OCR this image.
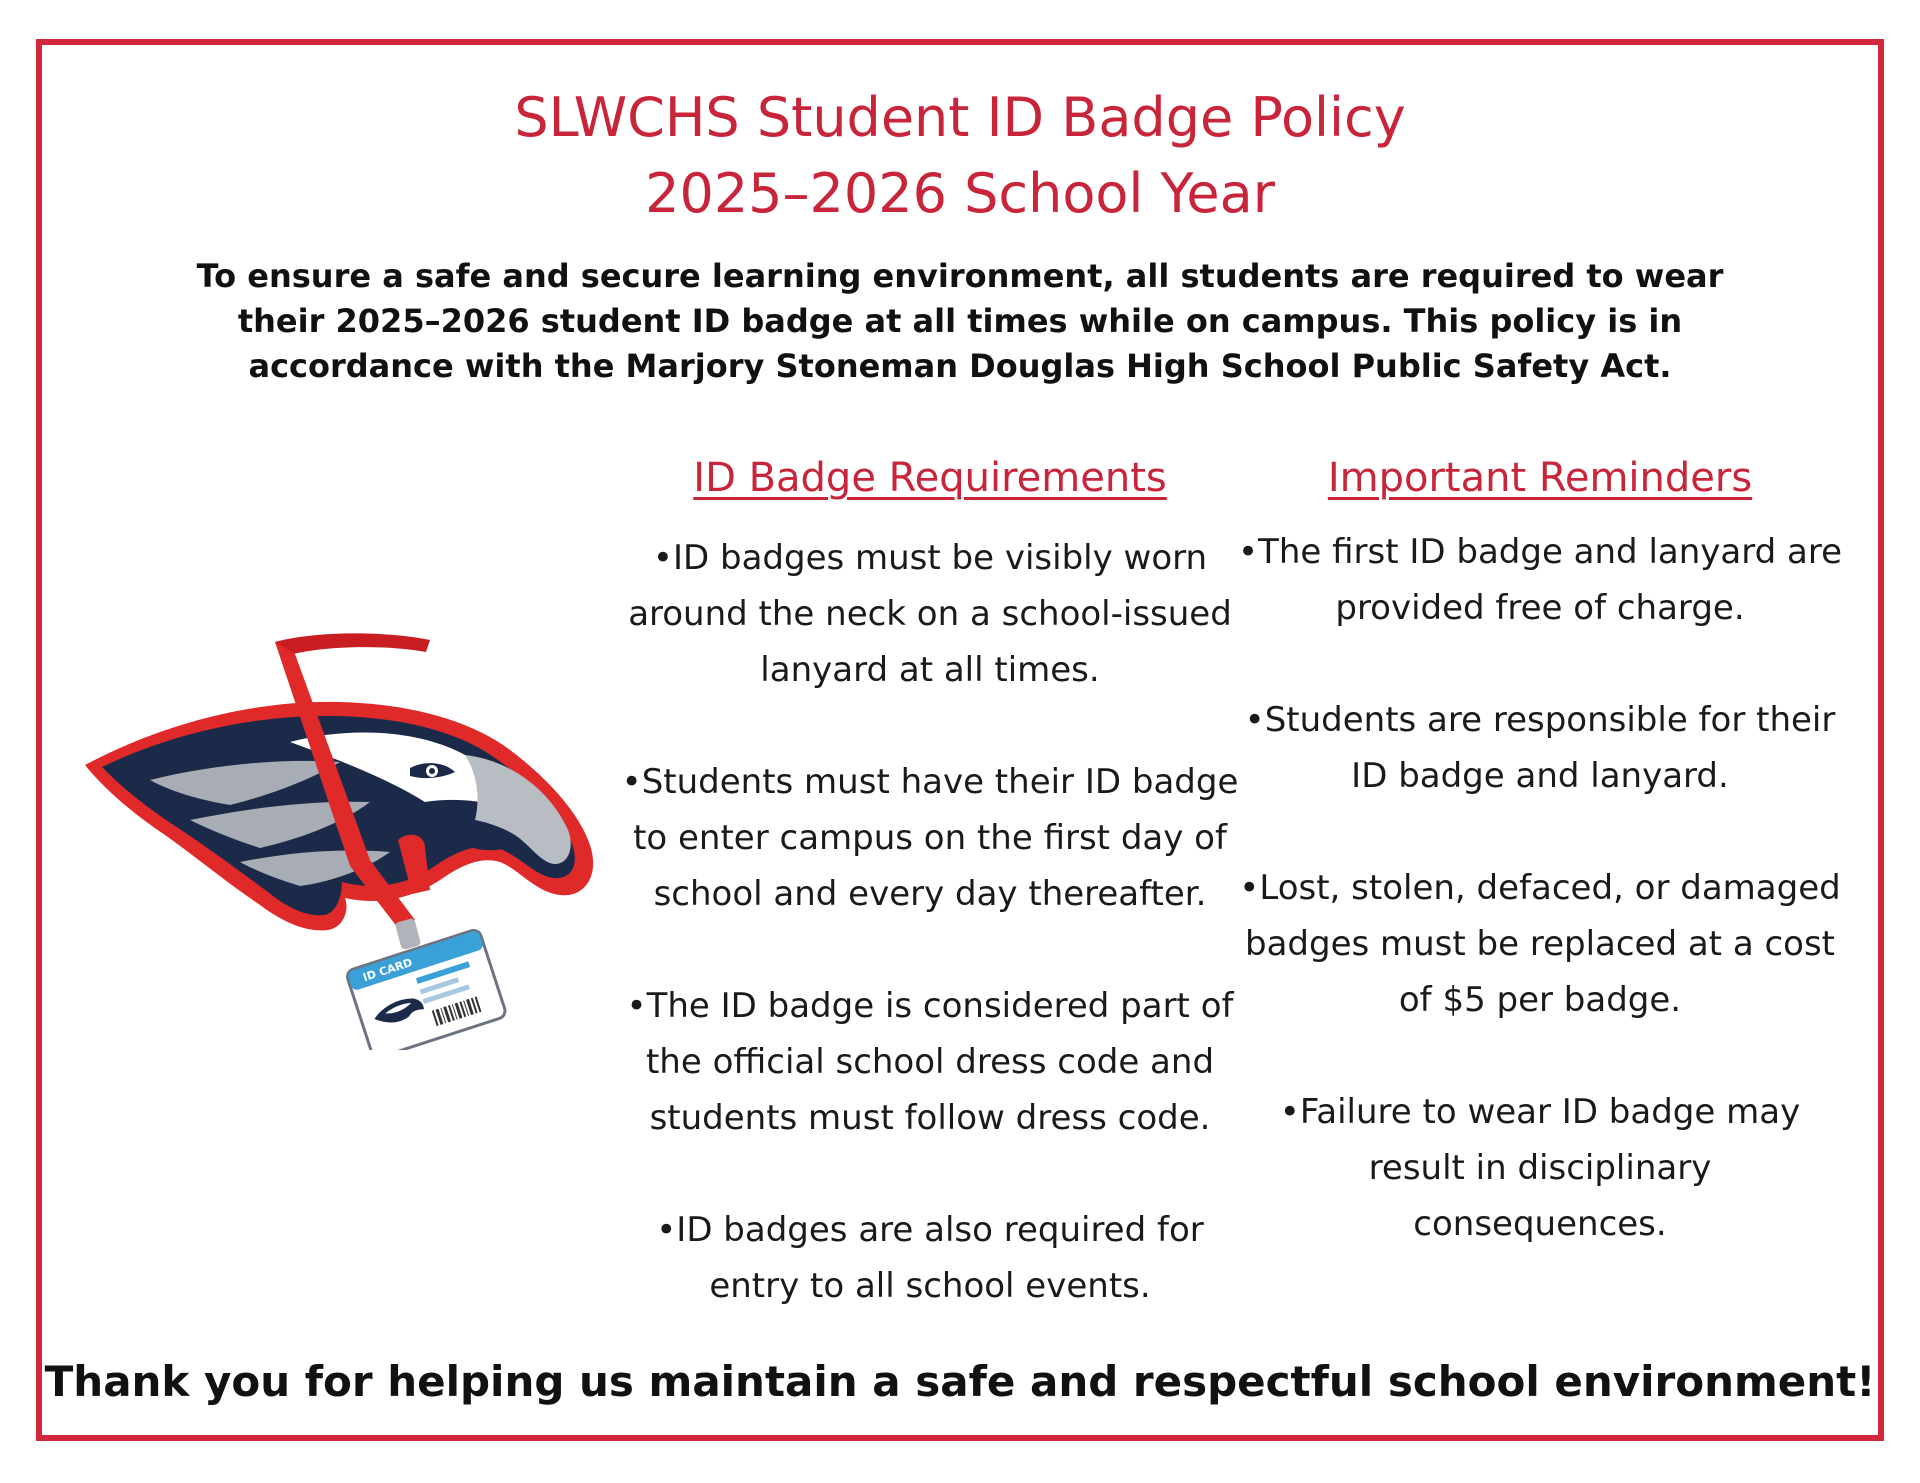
SLWCHS Student ID Badge Policy
2025–2026 School Year

To ensure a safe and secure learning environment, all students are required to wear their 2025–2026 student ID badge at all times while on campus. This policy is in accordance with the Marjory Stoneman Douglas High School Public Safety Act.

ID CARD
ID Badge Requirements
•ID badges must be visibly worn around the neck on a school-issued lanyard at all times.
•Students must have their ID badge to enter campus on the first day of school and every day thereafter.
•The ID badge is considered part of the official school dress code and students must follow dress code.
•ID badges are also required for entry to all school events.
Important Reminders
•The first ID badge and lanyard are provided free of charge.
•Students are responsible for their ID badge and lanyard.
•Lost, stolen, defaced, or damaged badges must be replaced at a cost of $5 per badge.
•Failure to wear ID badge may result in disciplinary consequences.

Thank you for helping us maintain a safe and respectful school environment!
